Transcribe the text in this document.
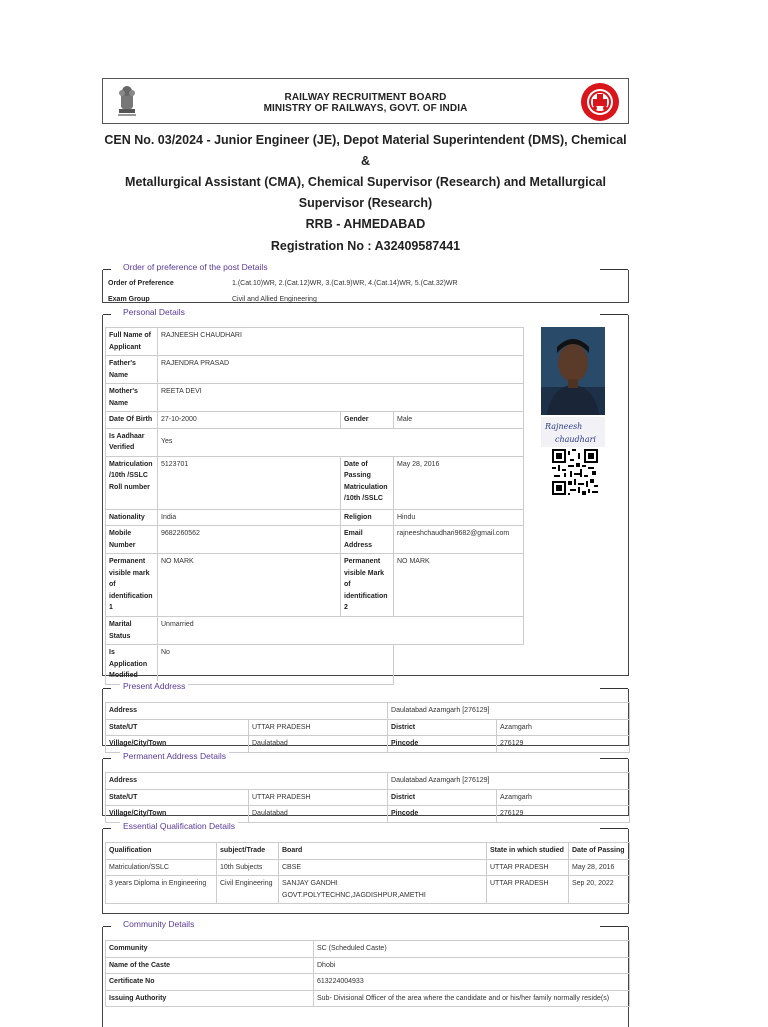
RAILWAY RECRUITMENT BOARD
MINISTRY OF RAILWAYS, GOVT. OF INDIA
CEN No. 03/2024 - Junior Engineer (JE), Depot Material Superintendent (DMS), Chemical &
Metallurgical Assistant (CMA), Chemical Supervisor (Research) and Metallurgical
Supervisor (Research)
RRB - AHMEDABAD
Registration No : A32409587441
Order of preference of the post Details
Order of Preference	1.(Cat.10)WR, 2.(Cat.12)WR, 3.(Cat.9)WR, 4.(Cat.14)WR, 5.(Cat.32)WR
Exam Group	Civil and Allied Engineering
Personal Details
Full Name of Applicant	RAJNEESH CHAUDHARI		
Father's Name	RAJENDRA PRASAD		
Mother's Name	REETA DEVI		
Date Of Birth	27-10-2000	Gender	Male
Is Aadhaar Verified	Yes		
Matriculation /10th /SSLC Roll number	5123701	Date of Passing Matriculation /10th /SSLC	May 28, 2016
Nationality	India	Religion	Hindu
Mobile Number	9682260562	Email Address	rajneeshchaudhari9682@gmail.com
Permanent visible mark of identification 1	NO MARK	Permanent visible Mark of identification 2	NO MARK
Marital Status	Unmarried		
Is Application Modified	No		
Rajneesh
chaudhari
Present Address
Address		Daulatabad Azamgarh [276129]	
State/UT	UTTAR PRADESH	District	Azamgarh
Village/City/Town	Daulatabad	Pincode	276129
Permanent Address Details
Address		Daulatabad Azamgarh [276129]	
State/UT	UTTAR PRADESH	District	Azamgarh
Village/City/Town	Daulatabad	Pincode	276129
Essential Qualification Details
Qualification	subject/Trade	Board	State in which studied	Date of Passing
Matriculation/SSLC	10th Subjects	CBSE	UTTAR PRADESH	May 28, 2016
3 years Diploma in Engineering	Civil Engineering	SANJAY GANDHI GOVT.POLYTECHNC,JAGDISHPUR,AMETHI	UTTAR PRADESH	Sep 20, 2022
Community Details
Community	SC (Scheduled Caste)
Name of the Caste	Dhobi
Certificate No	613224004933
Issuing Authority	Sub- Divisional Officer of the area where the candidate and or his/her family normally reside(s)
